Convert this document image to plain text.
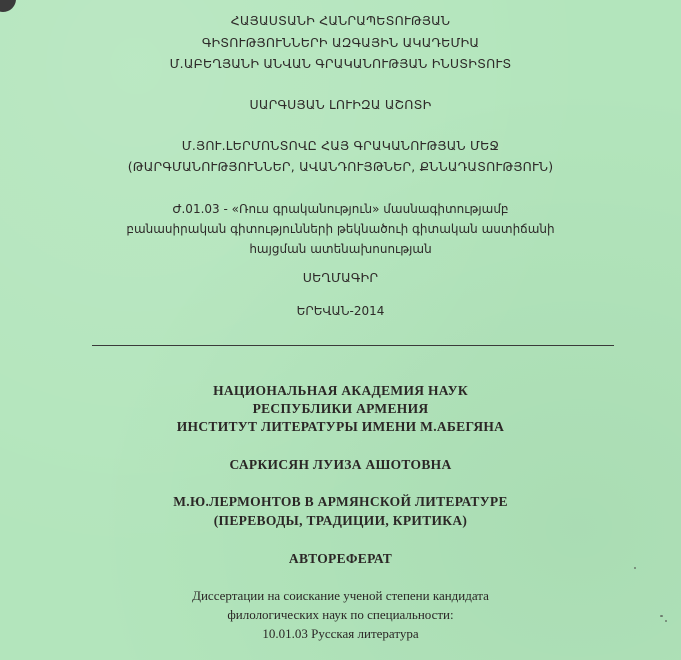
ՀԱՅԱՍՏԱՆԻ ՀԱՆՐԱՊԵՏՈՒԹՅԱՆ
ԳԻՏՈՒԹՅՈՒՆՆԵՐԻ ԱԶԳԱՅԻՆ ԱԿԱԴԵՄԻԱ
Մ.ԱԲԵՂՅԱՆԻ ԱՆՎԱՆ ԳՐԱԿԱՆՈՒԹՅԱՆ ԻՆՍՏԻՏՈՒՏ
ՍԱՐԳՍՅԱՆ ԼՈՒԻԶԱ ԱՇՈՏԻ
Մ.ՅՈՒ.ԼԵՐՄՈՆՏՈՎԸ ՀԱՅ ԳՐԱԿԱՆՈՒԹՅԱՆ ՄԵՋ
(ԹԱՐԳՄԱՆՈՒԹՅՈՒՆՆԵՐ, ԱՎԱՆԴՈՒՅԹՆԵՐ, ՔՆՆԱԴԱՏՈՒԹՅՈՒՆ)
Ժ.01.03 - «Ռուս գրականություն» մասնագիտությամբ
բանասիրական գիտությունների թեկնածուի գիտական աստիճանի
հայցման ատենախոսության
ՍԵՂՄԱԳԻՐ
ԵՐԵՎԱՆ-2014
НАЦИОНАЛЬНАЯ АКАДЕМИЯ НАУК
РЕСПУБЛИКИ АРМЕНИЯ
ИНСТИТУТ ЛИТЕРАТУРЫ ИМЕНИ М.АБЕГЯНА
САРКИСЯН ЛУИЗА АШОТОВНА
М.Ю.ЛЕРМОНТОВ В АРМЯНСКОЙ ЛИТЕРАТУРЕ
(ПЕРЕВОДЫ, ТРАДИЦИИ, КРИТИКА)
АВТОРЕФЕРАТ
Диссертации на соискание ученой степени кандидата
филологических наук по специальности:
10.01.03 Русская литература
